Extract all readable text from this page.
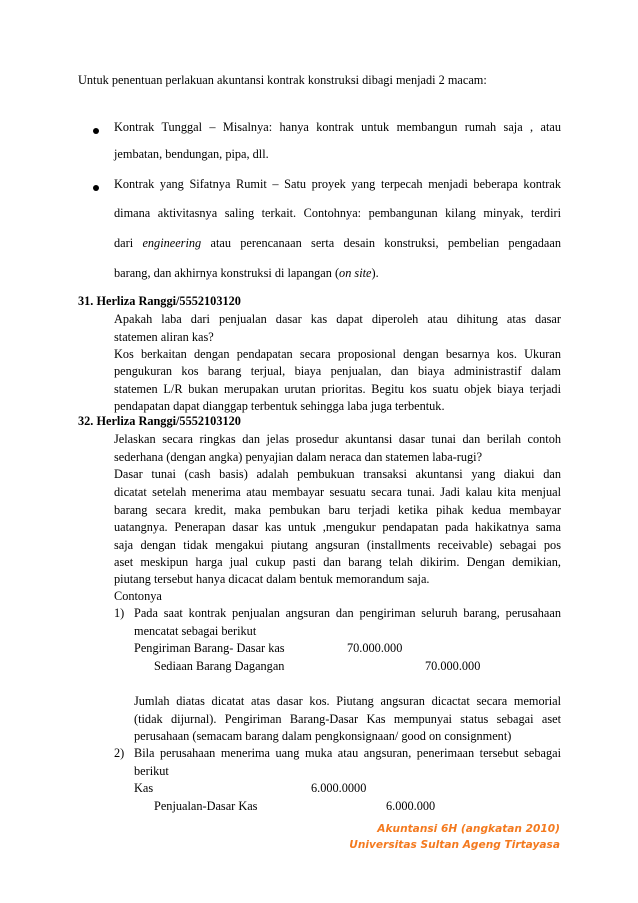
Untuk penentuan perlakuan akuntansi kontrak konstruksi dibagi menjadi 2 macam:
Kontrak Tunggal – Misalnya: hanya kontrak untuk membangun rumah saja , atau
jembatan, bendungan, pipa, dll.
Kontrak yang Sifatnya Rumit – Satu proyek yang terpecah menjadi beberapa kontrak
dimana aktivitasnya saling terkait. Contohnya: pembangunan kilang minyak, terdiri
dari engineering atau perencanaan serta desain konstruksi, pembelian pengadaan
barang, dan akhirnya konstruksi di lapangan (on site).
31. Herliza Ranggi/5552103120
Apakah laba dari penjualan dasar kas dapat diperoleh atau dihitung atas dasar
statemen aliran kas?
Kos berkaitan dengan pendapatan secara proposional dengan besarnya kos. Ukuran
pengukuran kos barang terjual, biaya penjualan, dan biaya administrastif dalam
statemen L/R bukan merupakan urutan prioritas. Begitu kos suatu objek biaya terjadi
pendapatan dapat dianggap terbentuk sehingga laba juga terbentuk.
32. Herliza Ranggi/5552103120
Jelaskan secara ringkas dan jelas prosedur akuntansi dasar tunai dan berilah contoh
sederhana (dengan angka) penyajian dalam neraca dan statemen laba-rugi?
Dasar tunai (cash basis) adalah pembukuan transaksi akuntansi yang diakui dan
dicatat setelah menerima atau membayar sesuatu secara tunai. Jadi kalau kita menjual
barang secara kredit, maka pembukan baru terjadi ketika pihak kedua membayar
uatangnya. Penerapan dasar kas untuk ,mengukur pendapatan pada hakikatnya sama
saja dengan tidak mengakui piutang angsuran (installments receivable) sebagai pos
aset meskipun harga jual cukup pasti dan barang telah dikirim. Dengan demikian,
piutang tersebut hanya dicacat dalam bentuk memorandum saja.
Contonya
1) Pada saat kontrak penjualan angsuran dan pengiriman seluruh barang, perusahaan
mencatat sebagai berikut
Pengiriman Barang- Dasar kas	70.000.000
Sediaan Barang Dagangan	70.000.000
Jumlah diatas dicatat atas dasar kos. Piutang angsuran dicactat secara memorial
(tidak dijurnal). Pengiriman Barang-Dasar Kas mempunyai status sebagai aset
perusahaan (semacam barang dalam pengkonsignaan/ good on consignment)
2) Bila perusahaan menerima uang muka atau angsuran, penerimaan tersebut sebagai
berikut
Kas	6.000.0000
Penjualan-Dasar Kas	6.000.000
Akuntansi 6H (angkatan 2010)
Universitas Sultan Ageng Tirtayasa
